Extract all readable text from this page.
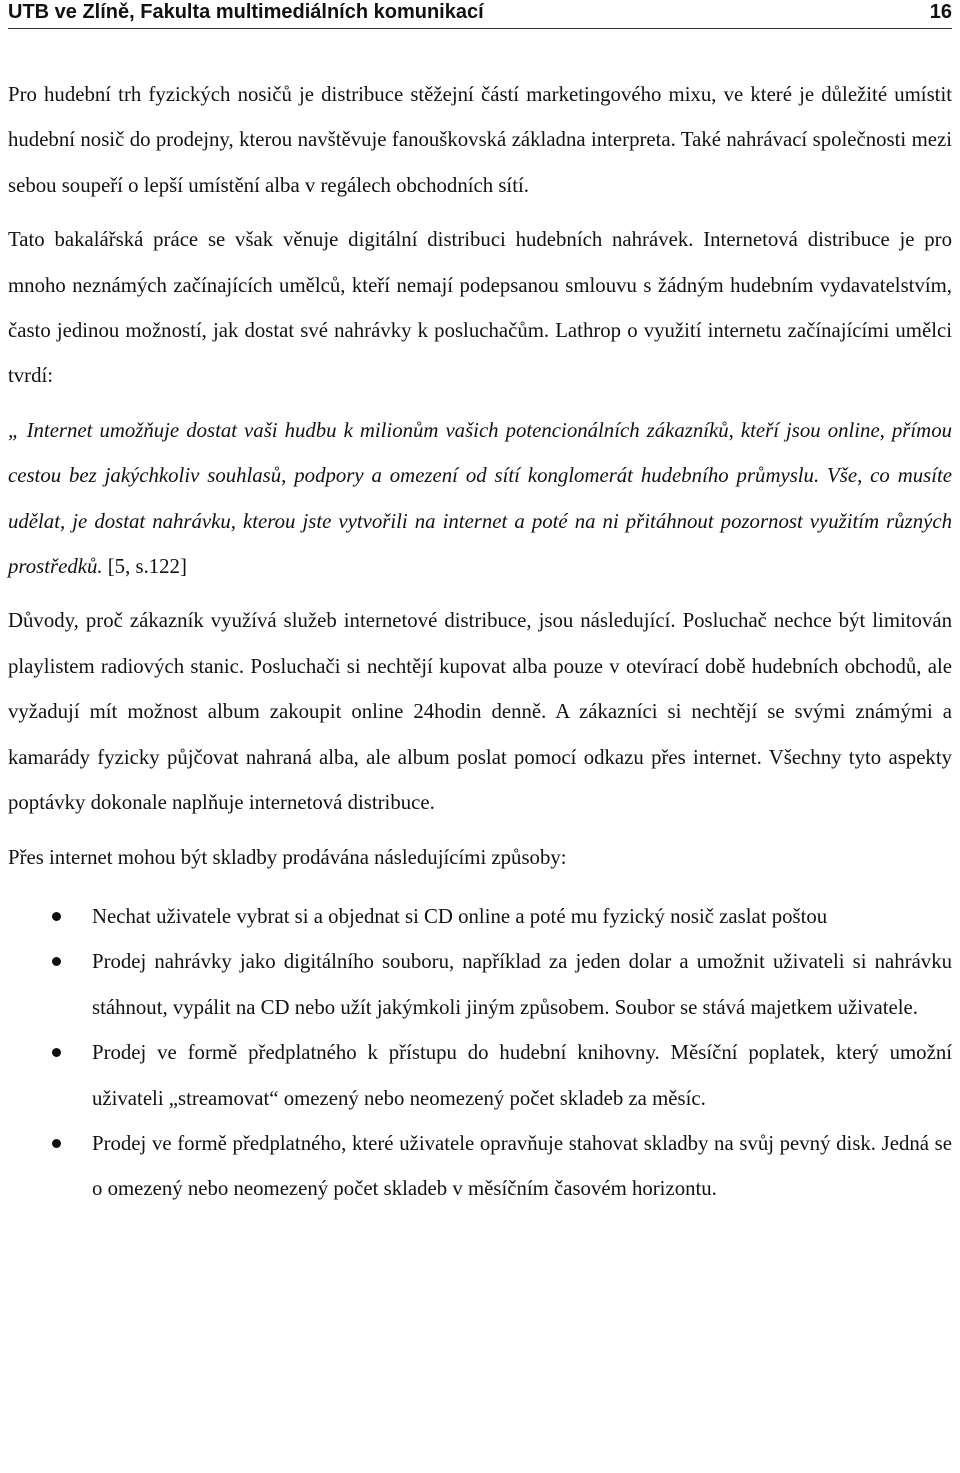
UTB ve Zlíně, Fakulta multimediálních komunikací	16

Pro hudební trh fyzických nosičů je distribuce stěžejní částí marketingového mixu, ve které je důležité umístit hudební nosič do prodejny, kterou navštěvuje fanouškovská základna interpreta. Také nahrávací společnosti mezi sebou soupeří o lepší umístění alba v regálech obchodních sítí.

Tato bakalářská práce se však věnuje digitální distribuci hudebních nahrávek. Internetová distribuce je pro mnoho neznámých začínajících umělců, kteří nemají podepsanou smlouvu s žádným hudebním vydavatelstvím, často jedinou možností, jak dostat své nahrávky k posluchačům. Lathrop o využití internetu začínajícími umělci tvrdí:

„ Internet umožňuje dostat vaši hudbu k milionům vašich potencionálních zákazníků, kteří jsou online, přímou cestou bez jakýchkoliv souhlasů, podpory a omezení od sítí konglomerát hudebního průmyslu. Vše, co musíte udělat, je dostat nahrávku, kterou jste vytvořili na internet a poté na ni přitáhnout pozornost využitím různých prostředků. [5, s.122]

Důvody, proč zákazník využívá služeb internetové distribuce, jsou následující. Posluchač nechce být limitován playlistem radiových stanic. Posluchači si nechtějí kupovat alba pouze v otevírací době hudebních obchodů, ale vyžadují mít možnost album zakoupit online 24hodin denně. A zákazníci si nechtějí se svými známými a kamarády fyzicky půjčovat nahraná alba, ale album poslat pomocí odkazu přes internet. Všechny tyto aspekty poptávky dokonale naplňuje internetová distribuce.

Přes internet mohou být skladby prodávána následujícími způsoby:

Nechat uživatele vybrat si a objednat si CD online a poté mu fyzický nosič zaslat poštou
Prodej nahrávky jako digitálního souboru, například za jeden dolar a umožnit uživateli si nahrávku stáhnout, vypálit na CD nebo užít jakýmkoli jiným způsobem. Soubor se stává majetkem uživatele.
Prodej ve formě předplatného k přístupu do hudební knihovny. Měsíční poplatek, který umožní uživateli „streamovat“ omezený nebo neomezený počet skladeb za měsíc.
Prodej ve formě předplatného, které uživatele opravňuje stahovat skladby na svůj pevný disk. Jedná se o omezený nebo neomezený počet skladeb v měsíčním časovém horizontu.
